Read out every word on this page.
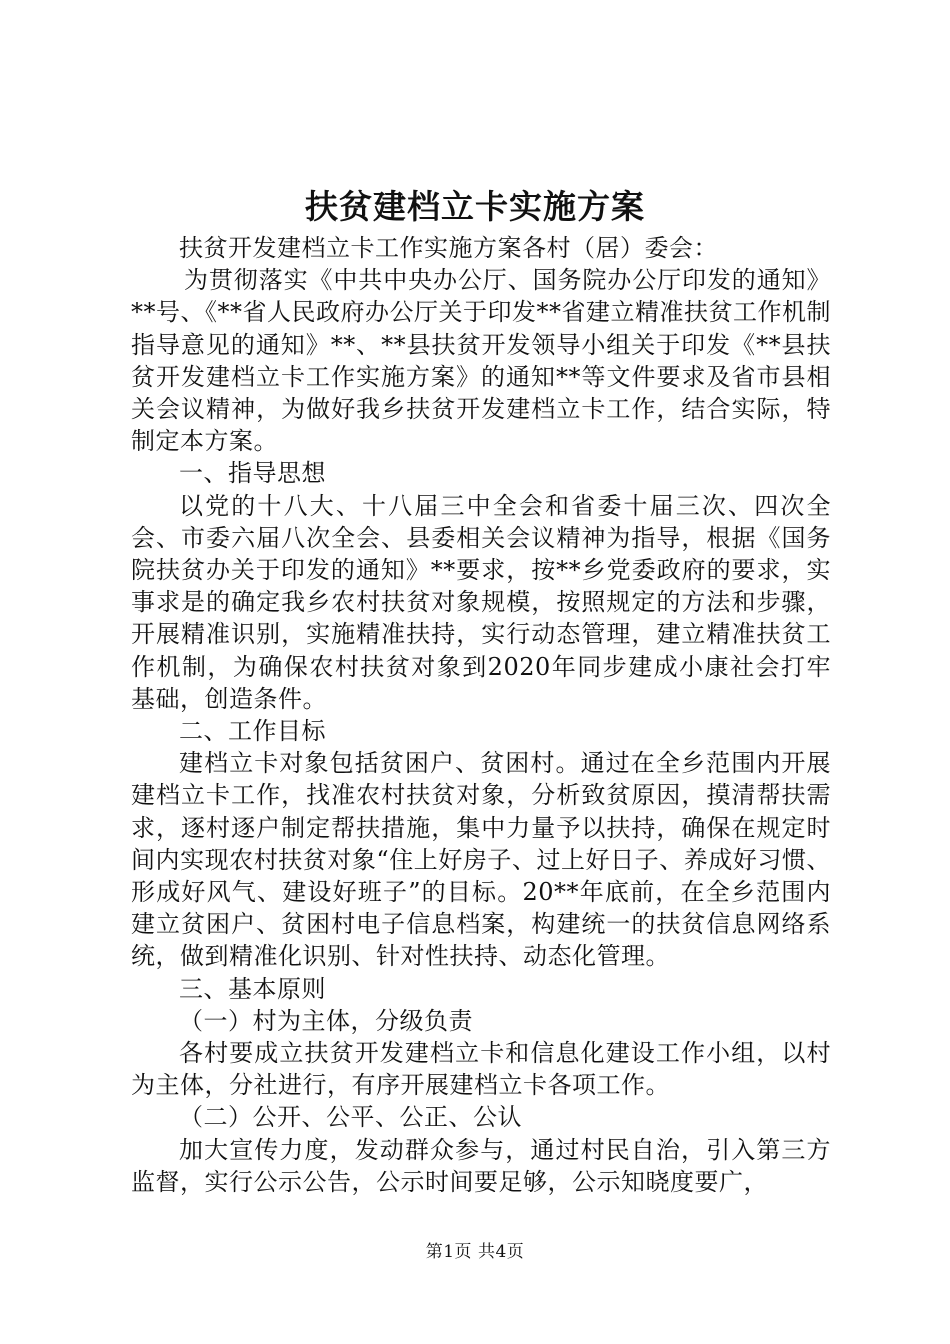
扶贫建档立卡实施方案

扶贫开发建档立卡工作实施方案各村（居）委会：

为贯彻落实《中共中央办公厅、国务院办公厅印发的通知》**号、《**省人民政府办公厅关于印发**省建立精准扶贫工作机制指导意见的通知》**、**县扶贫开发领导小组关于印发《**县扶贫开发建档立卡工作实施方案》的通知**等文件要求及省市县相关会议精神，为做好我乡扶贫开发建档立卡工作，结合实际，特制定本方案。

一、指导思想

以党的十八大、十八届三中全会和省委十届三次、四次全会、市委六届八次全会、县委相关会议精神为指导，根据《国务院扶贫办关于印发的通知》**要求，按**乡党委政府的要求，实事求是的确定我乡农村扶贫对象规模，按照规定的方法和步骤，开展精准识别，实施精准扶持，实行动态管理，建立精准扶贫工作机制，为确保农村扶贫对象到2020年同步建成小康社会打牢基础，创造条件。

二、工作目标

建档立卡对象包括贫困户、贫困村。通过在全乡范围内开展建档立卡工作，找准农村扶贫对象，分析致贫原因，摸清帮扶需求，逐村逐户制定帮扶措施，集中力量予以扶持，确保在规定时间内实现农村扶贫对象“住上好房子、过上好日子、养成好习惯、形成好风气、建设好班子”的目标。20**年底前，在全乡范围内建立贫困户、贫困村电子信息档案，构建统一的扶贫信息网络系统，做到精准化识别、针对性扶持、动态化管理。

三、基本原则

（一）村为主体，分级负责

各村要成立扶贫开发建档立卡和信息化建设工作小组，以村为主体，分社进行，有序开展建档立卡各项工作。

（二）公开、公平、公正、公认

加大宣传力度，发动群众参与，通过村民自治，引入第三方监督，实行公示公告，公示时间要足够，公示知晓度要广，

第1页 共4页
